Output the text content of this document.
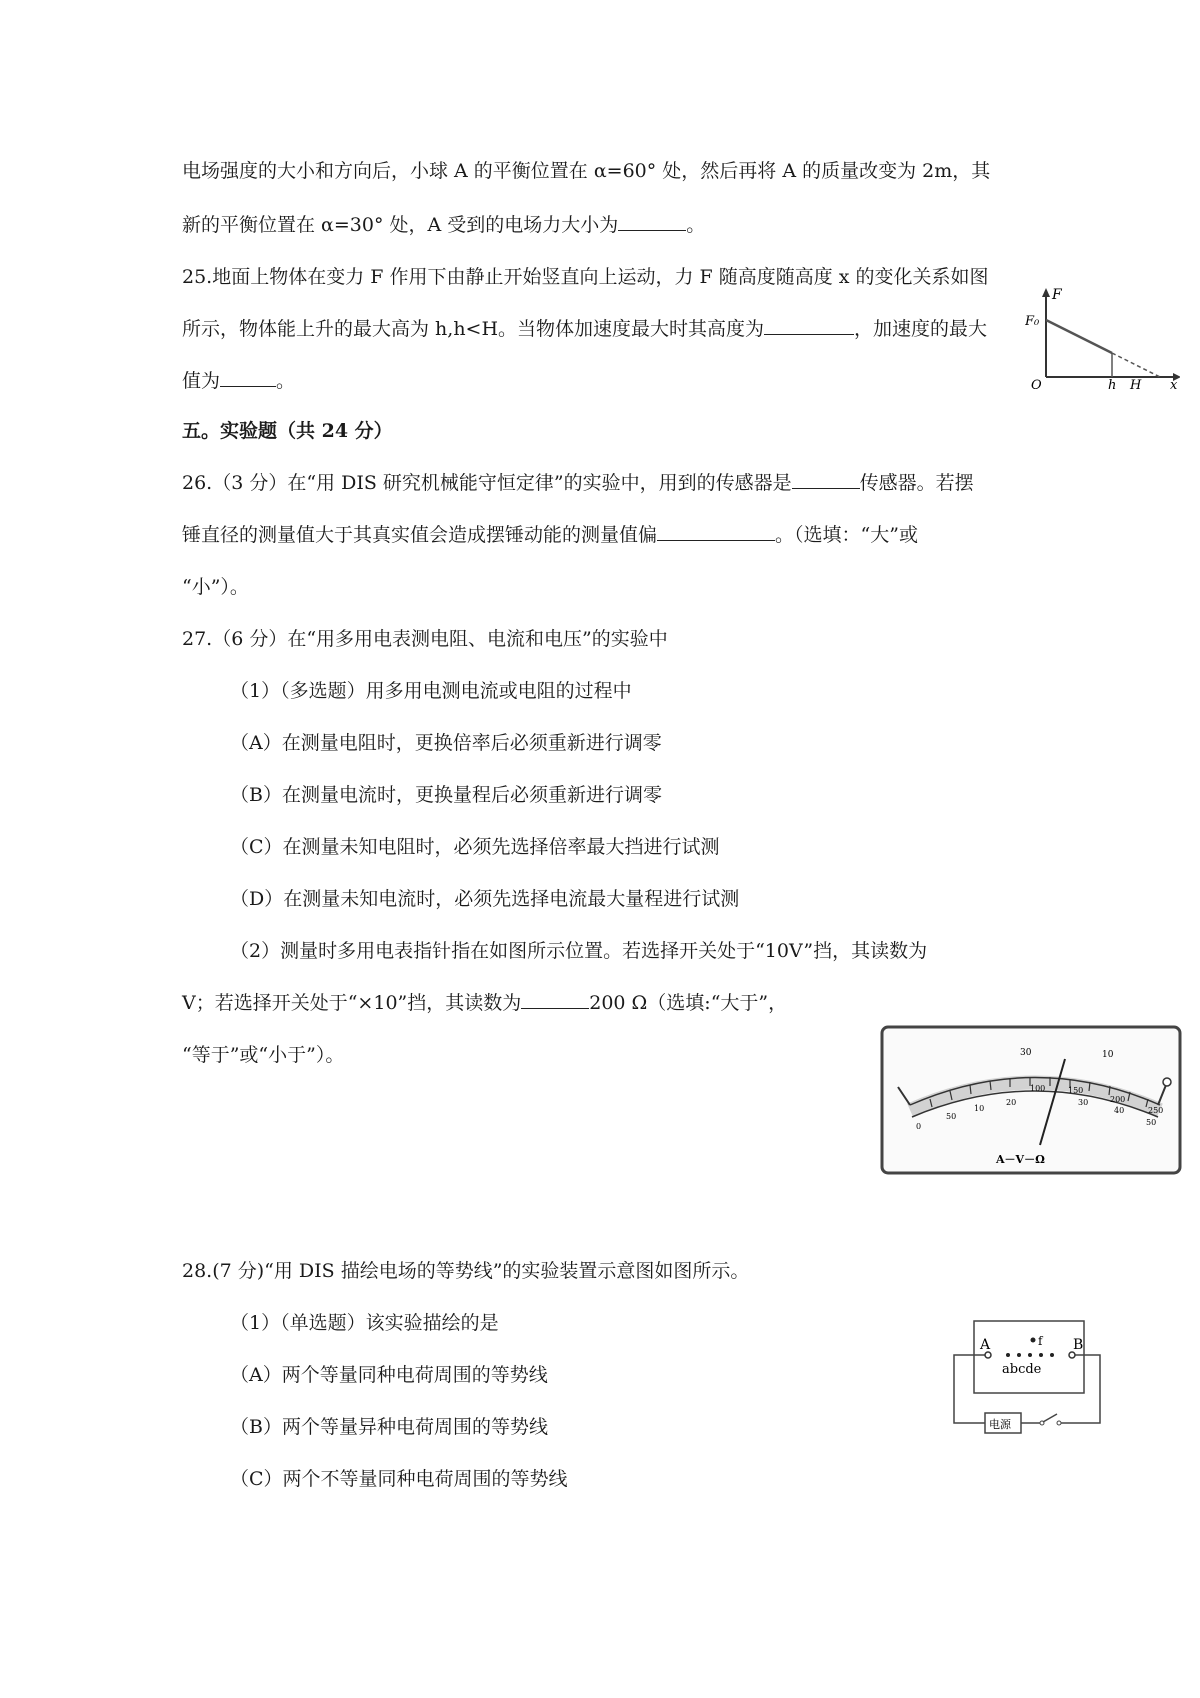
电场强度的大小和方向后，小球 A 的平衡位置在 α=60° 处，然后再将 A 的质量改变为 2m，其
新的平衡位置在 α=30° 处，A 受到的电场力大小为	。
25.地面上物体在变力 F 作用下由静止开始竖直向上运动，力 F 随高度随高度 x 的变化关系如图
所示，物体能上升的最大高为 h,h<H。当物体加速度最大时其高度为	，加速度的最大
值为	。
F
F₀
O	h H x
五。实验题（共 24 分）
26.（3 分）在“用 DIS 研究机械能守恒定律”的实验中，用到的传感器是	传感器。若摆
锤直径的测量值大于其真实值会造成摆锤动能的测量值偏	。（选填：“大”或
“小”）。
27.（6 分）在“用多用电表测电阻、电流和电压”的实验中
（1）（多选题）用多用电测电流或电阻的过程中
（A）在测量电阻时，更换倍率后必须重新进行调零
（B）在测量电流时，更换量程后必须重新进行调零
（C）在测量未知电阻时，必须先选择倍率最大挡进行试测
（D）在测量未知电流时，必须先选择电流最大量程进行试测
（2）测量时多用电表指针指在如图所示位置。若选择开关处于“10V”挡，其读数为
V；若选择开关处于“×10”挡，其读数为	200 Ω（选填:“大于”，
“等于”或“小于”）。	30	10
100	150
200
250
0
50
10
20	30
40
50
A－V－Ω
28.(7 分)“用 DIS 描绘电场的等势线”的实验装置示意图如图所示。
（1）（单选题）该实验描绘的是
（A）两个等量同种电荷周围的等势线
（B）两个等量异种电荷周围的等势线
（C）两个不等量同种电荷周围的等势线
电源
A	B
f
abcde
